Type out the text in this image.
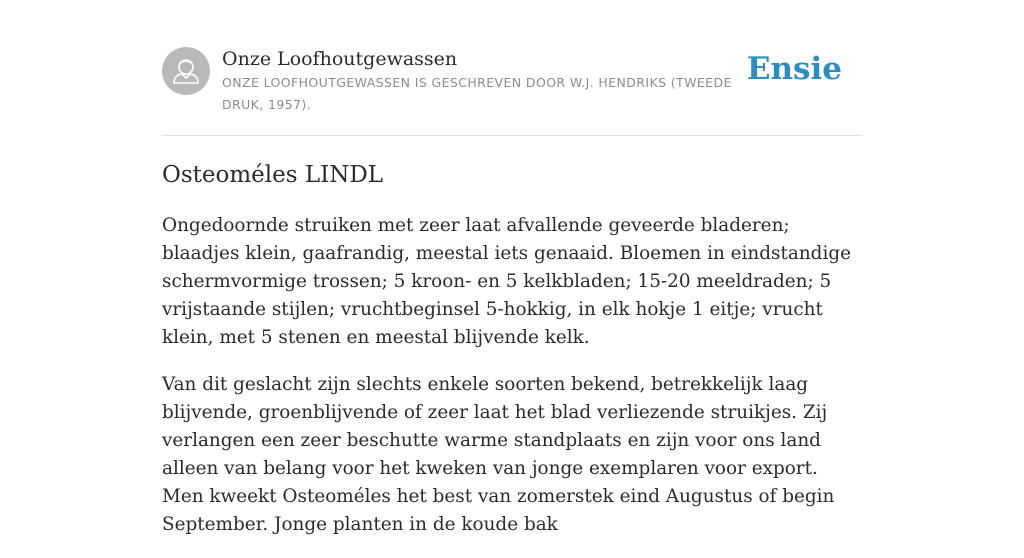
Onze Loofhoutgewassen
ONZE LOOFHOUTGEWASSEN IS GESCHREVEN DOOR W.J. HENDRIKS (TWEEDE DRUK, 1957).
Ensie
Osteoméles LINDL

Ongedoornde struiken met zeer laat afvallende geveerde bladeren; blaadjes klein, gaafrandig, meestal iets genaaid. Bloemen in eindstandige schermvormige trossen; 5 kroon- en 5 kelkbladen; 15-20 meeldraden; 5 vrijstaande stijlen; vruchtbeginsel 5-hokkig, in elk hokje 1 eitje; vrucht klein, met 5 stenen en meestal blijvende kelk.

Van dit geslacht zijn slechts enkele soorten bekend, betrekkelijk laag blijvende, groenblijvende of zeer laat het blad verliezende struikjes. Zij verlangen een zeer beschutte warme standplaats en zijn voor ons land alleen van belang voor het kweken van jonge exemplaren voor export. Men kweekt Osteoméles het best van zomerstek eind Augustus of begin September. Jonge planten in de koude bak
